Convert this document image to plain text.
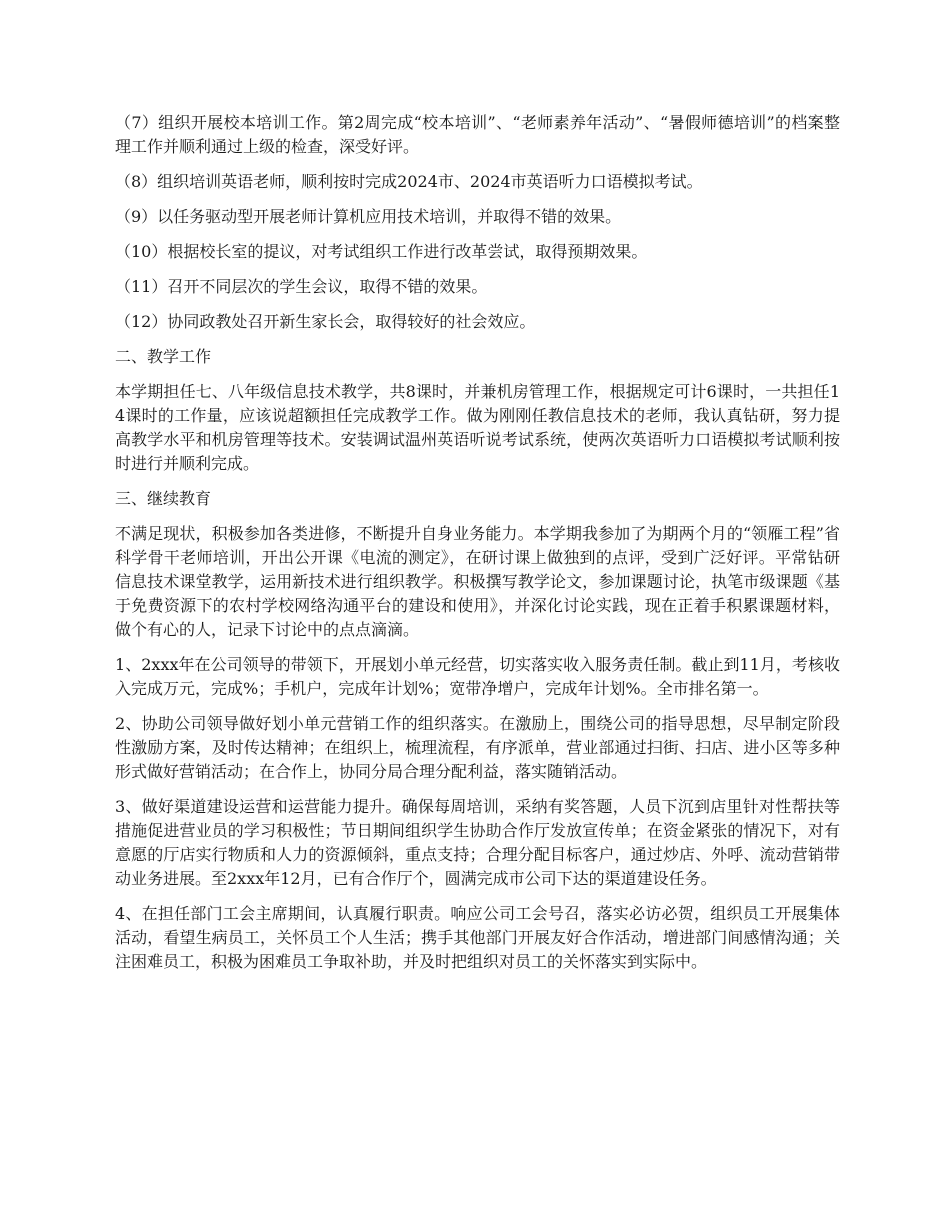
（7）组织开展校本培训工作。第2周完成“校本培训”、“老师素养年活动”、“暑假师德培训”的档案整理工作并顺利通过上级的检查，深受好评。

（8）组织培训英语老师，顺利按时完成2024市、2024市英语听力口语模拟考试。

（9）以任务驱动型开展老师计算机应用技术培训，并取得不错的效果。

（10）根据校长室的提议，对考试组织工作进行改革尝试，取得预期效果。

（11）召开不同层次的学生会议，取得不错的效果。

（12）协同政教处召开新生家长会，取得较好的社会效应。

二、教学工作

本学期担任七、八年级信息技术教学，共8课时，并兼机房管理工作，根据规定可计6课时，一共担任14课时的工作量，应该说超额担任完成教学工作。做为刚刚任教信息技术的老师，我认真钻研，努力提高教学水平和机房管理等技术。安装调试温州英语听说考试系统，使两次英语听力口语模拟考试顺利按时进行并顺利完成。

三、继续教育

不满足现状，积极参加各类进修，不断提升自身业务能力。本学期我参加了为期两个月的“领雁工程”省科学骨干老师培训，开出公开课《电流的测定》，在研讨课上做独到的点评，受到广泛好评。平常钻研信息技术课堂教学，运用新技术进行组织教学。积极撰写教学论文，参加课题讨论，执笔市级课题《基于免费资源下的农村学校网络沟通平台的建设和使用》，并深化讨论实践，现在正着手积累课题材料，做个有心的人，记录下讨论中的点点滴滴。

1、2xxx年在公司领导的带领下，开展划小单元经营，切实落实收入服务责任制。截止到11月，考核收入完成万元，完成%；手机户，完成年计划%；宽带净增户，完成年计划%。全市排名第一。

2、协助公司领导做好划小单元营销工作的组织落实。在激励上，围绕公司的指导思想，尽早制定阶段性激励方案，及时传达精神；在组织上，梳理流程，有序派单，营业部通过扫街、扫店、进小区等多种形式做好营销活动；在合作上，协同分局合理分配利益，落实随销活动。

3、做好渠道建设运营和运营能力提升。确保每周培训，采纳有奖答题，人员下沉到店里针对性帮扶等措施促进营业员的学习积极性；节日期间组织学生协助合作厅发放宣传单；在资金紧张的情况下，对有意愿的厅店实行物质和人力的资源倾斜，重点支持；合理分配目标客户，通过炒店、外呼、流动营销带动业务进展。至2xxx年12月，已有合作厅个，圆满完成市公司下达的渠道建设任务。

4、在担任部门工会主席期间，认真履行职责。响应公司工会号召，落实必访必贺，组织员工开展集体活动，看望生病员工，关怀员工个人生活；携手其他部门开展友好合作活动，增进部门间感情沟通；关注困难员工，积极为困难员工争取补助，并及时把组织对员工的关怀落实到实际中。
